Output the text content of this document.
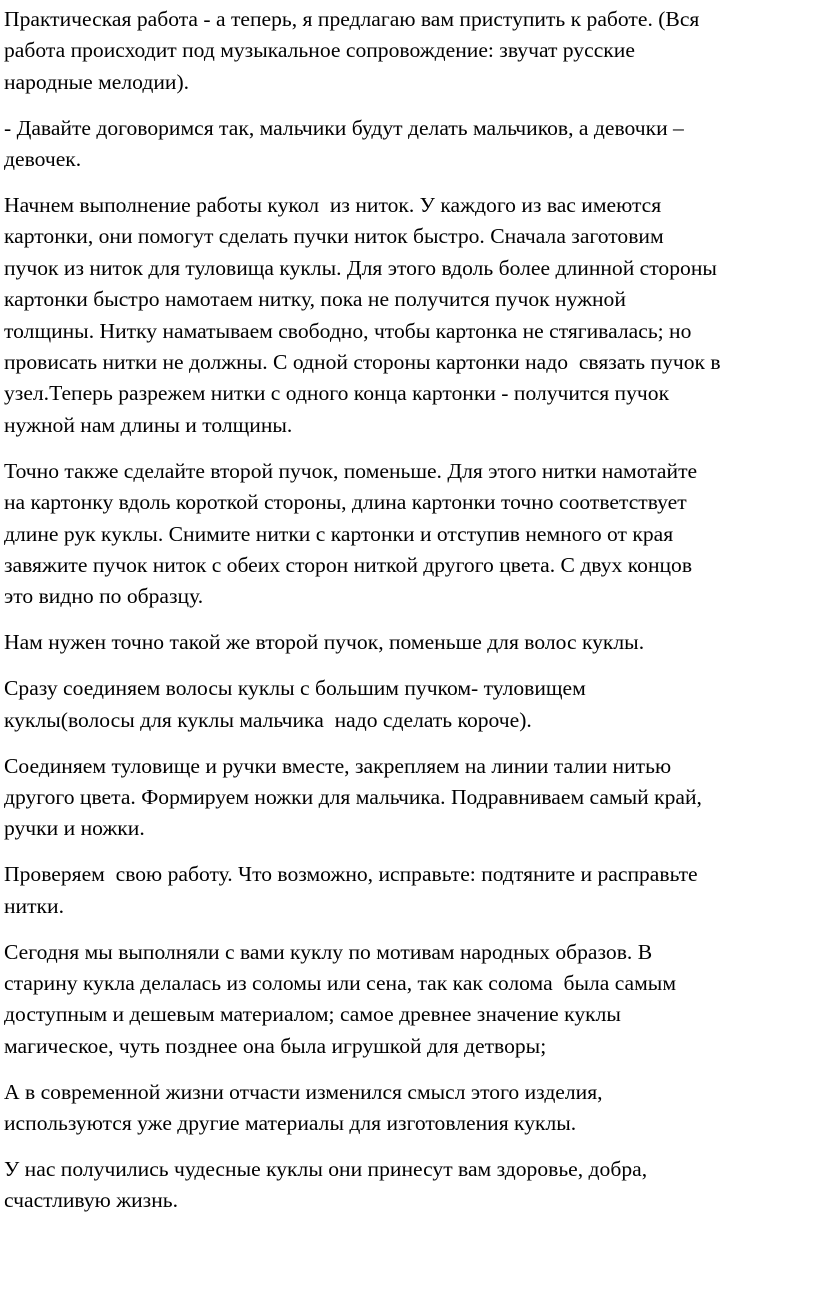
Практическая работа - а теперь, я предлагаю вам приступить к работе. (Вся
работа происходит под музыкальное сопровождение: звучат русские
народные мелодии).

- Давайте договоримся так, мальчики будут делать мальчиков, а девочки –
девочек.

Начнем выполнение работы кукол  из ниток. У каждого из вас имеются
картонки, они помогут сделать пучки ниток быстро. Сначала заготовим
пучок из ниток для туловища куклы. Для этого вдоль более длинной стороны
картонки быстро намотаем нитку, пока не получится пучок нужной
толщины. Нитку наматываем свободно, чтобы картонка не стягивалась; но
провисать нитки не должны. С одной стороны картонки надо  связать пучок в
узел.Теперь разрежем нитки с одного конца картонки - получится пучок
нужной нам длины и толщины.

Точно также сделайте второй пучок, поменьше. Для этого нитки намотайте
на картонку вдоль короткой стороны, длина картонки точно соответствует
длине рук куклы. Снимите нитки с картонки и отступив немного от края
завяжите пучок ниток с обеих сторон ниткой другого цвета. С двух концов
это видно по образцу.

Нам нужен точно такой же второй пучок, поменьше для волос куклы.

Сразу соединяем волосы куклы с большим пучком- туловищем
куклы(волосы для куклы мальчика  надо сделать короче).

Соединяем туловище и ручки вместе, закрепляем на линии талии нитью
другого цвета. Формируем ножки для мальчика. Подравниваем самый край,
ручки и ножки.

Проверяем  свою работу. Что возможно, исправьте: подтяните и расправьте
нитки.

Сегодня мы выполняли с вами куклу по мотивам народных образов. В
старину кукла делалась из соломы или сена, так как солома  была самым
доступным и дешевым материалом; самое древнее значение куклы
магическое, чуть позднее она была игрушкой для детворы;

А в современной жизни отчасти изменился смысл этого изделия,
используются уже другие материалы для изготовления куклы.

У нас получились чудесные куклы они принесут вам здоровье, добра,
счастливую жизнь.
